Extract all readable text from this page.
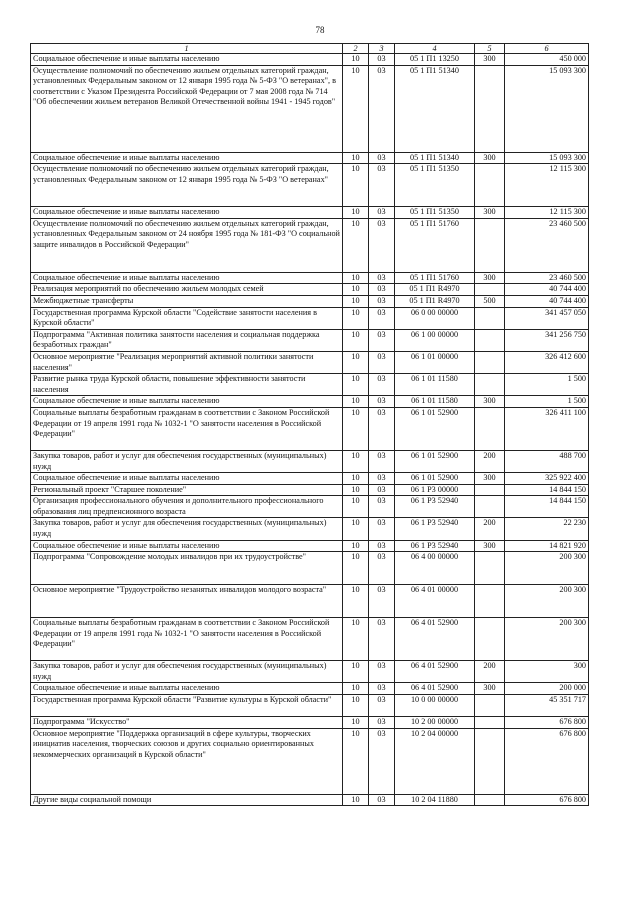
78
1	2	3	4	5	6
Социальное обеспечение и иные выплаты населению	10	03	05 1 П1 13250	300	450 000
Осуществление полномочий по обеспечению жильем отдельных категорий граждан, установленных Федеральным законом от 12 января 1995 года № 5-ФЗ "О ветеранах", в соответствии с Указом Президента Российской Федерации от 7 мая 2008 года № 714 "Об обеспечении жильем ветеранов Великой Отечественной войны 1941 - 1945 годов"	10	03	05 1 П1 51340		15 093 300
Социальное обеспечение и иные выплаты населению	10	03	05 1 П1 51340	300	15 093 300
Осуществление полномочий по обеспечению жильем отдельных категорий граждан, установленных Федеральным законом от 12 января 1995 года № 5-ФЗ "О ветеранах"	10	03	05 1 П1 51350		12 115 300
Социальное обеспечение и иные выплаты населению	10	03	05 1 П1 51350	300	12 115 300
Осуществление полномочий по обеспечению жильем отдельных категорий граждан, установленных Федеральным законом от 24 ноября 1995 года № 181-ФЗ "О социальной защите инвалидов в Российской Федерации"	10	03	05 1 П1 51760		23 460 500
Социальное обеспечение и иные выплаты населению	10	03	05 1 П1 51760	300	23 460 500
Реализация мероприятий по обеспечению жильем молодых семей	10	03	05 1 П1 R4970		40 744 400
Межбюджетные трансферты	10	03	05 1 П1 R4970	500	40 744 400
Государственная программа Курской области "Содействие занятости населения в Курской области"	10	03	06 0 00 00000		341 457 050
Подпрограмма "Активная политика занятости населения и социальная поддержка безработных граждан"	10	03	06 1 00 00000		341 256 750
Основное мероприятие "Реализация мероприятий активной политики занятости населения"	10	03	06 1 01 00000		326 412 600
Развитие рынка труда Курской области, повышение эффективности занятости населения	10	03	06 1 01 11580		1 500
Социальное обеспечение и иные выплаты населению	10	03	06 1 01 11580	300	1 500
Социальные выплаты безработным гражданам в соответствии с Законом Российской Федерации от 19 апреля 1991 года № 1032-1 "О занятости населения в Российской Федерации"	10	03	06 1 01 52900		326 411 100
Закупка товаров, работ и услуг для обеспечения государственных (муниципальных) нужд	10	03	06 1 01 52900	200	488 700
Социальное обеспечение и иные выплаты населению	10	03	06 1 01 52900	300	325 922 400
Региональный проект "Старшее поколение"	10	03	06 1 P3 00000		14 844 150
Организация профессионального обучения и дополнительного профессионального образования лиц предпенсионного возраста	10	03	06 1 P3 52940		14 844 150
Закупка товаров, работ и услуг для обеспечения государственных (муниципальных) нужд	10	03	06 1 P3 52940	200	22 230
Социальное обеспечение и иные выплаты населению	10	03	06 1 P3 52940	300	14 821 920
Подпрограмма "Сопровождение молодых инвалидов при их трудоустройстве"	10	03	06 4 00 00000		200 300
Основное мероприятие "Трудоустройство незанятых инвалидов молодого возраста"	10	03	06 4 01 00000		200 300
Социальные выплаты безработным гражданам в соответствии с Законом Российской Федерации от 19 апреля 1991 года № 1032-1 "О занятости населения в Российской Федерации"	10	03	06 4 01 52900		200 300
Закупка товаров, работ и услуг для обеспечения государственных (муниципальных) нужд	10	03	06 4 01 52900	200	300
Социальное обеспечение и иные выплаты населению	10	03	06 4 01 52900	300	200 000
Государственная программа Курской области "Развитие культуры в Курской области"	10	03	10 0 00 00000		45 351 717
Подпрограмма "Искусство"	10	03	10 2 00 00000		676 800
Основное мероприятие "Поддержка организаций в сфере культуры, творческих инициатив населения, творческих союзов и других социально ориентированных некоммерческих организаций в Курской области"	10	03	10 2 04 00000		676 800
Другие виды социальной помощи	10	03	10 2 04 11880		676 800
